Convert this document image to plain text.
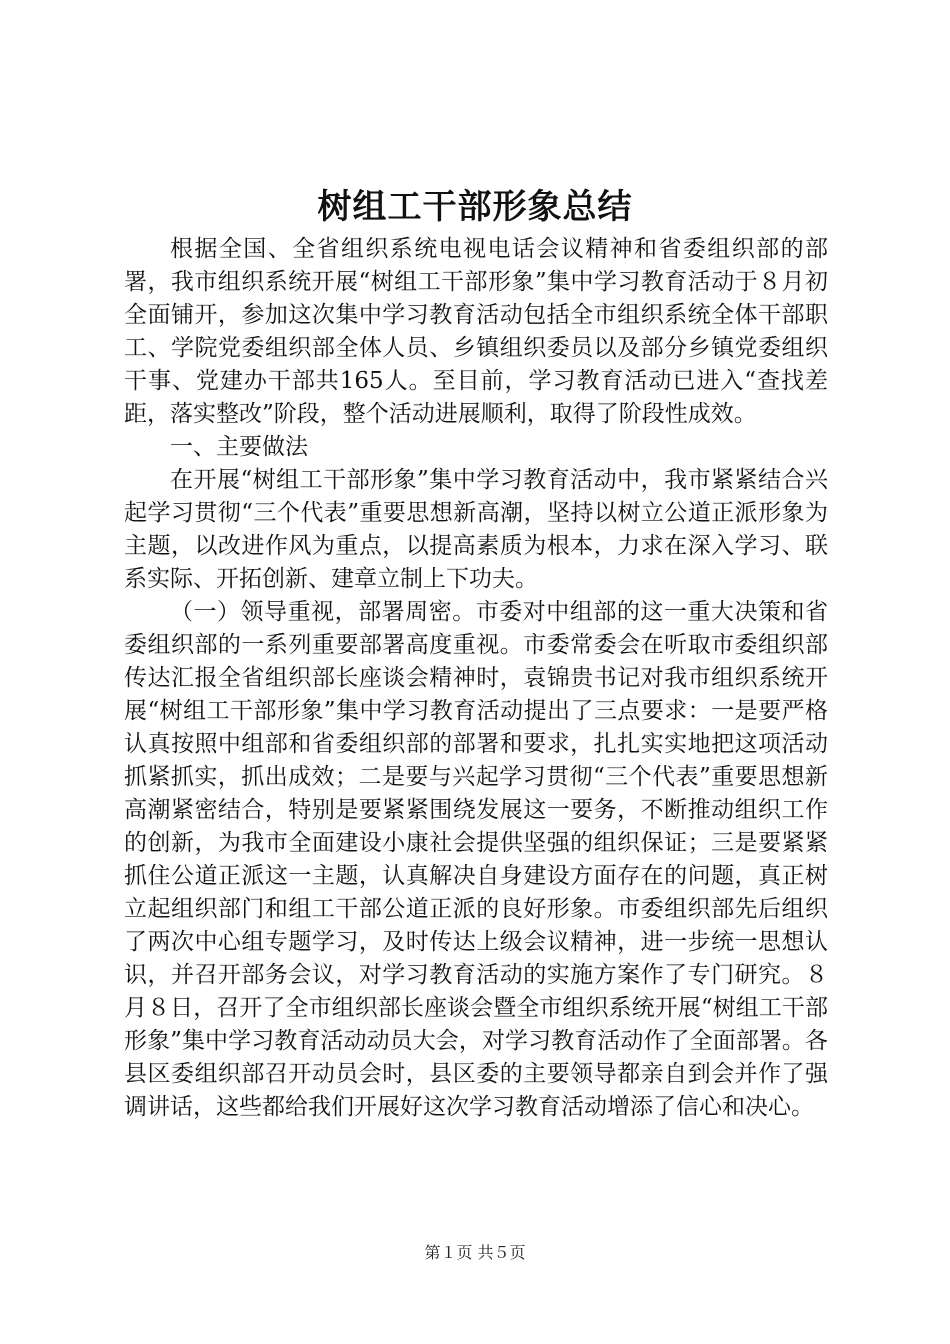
树组工干部形象总结

根据全国、全省组织系统电视电话会议精神和省委组织部的部署，我市组织系统开展“树组工干部形象”集中学习教育活动于８月初全面铺开，参加这次集中学习教育活动包括全市组织系统全体干部职工、学院党委组织部全体人员、乡镇组织委员以及部分乡镇党委组织干事、党建办干部共165人。至目前，学习教育活动已进入“查找差距，落实整改”阶段，整个活动进展顺利，取得了阶段性成效。

一、主要做法

在开展“树组工干部形象”集中学习教育活动中，我市紧紧结合兴起学习贯彻“三个代表”重要思想新高潮，坚持以树立公道正派形象为主题，以改进作风为重点，以提高素质为根本，力求在深入学习、联系实际、开拓创新、建章立制上下功夫。

（一）领导重视，部署周密。市委对中组部的这一重大决策和省委组织部的一系列重要部署高度重视。市委常委会在听取市委组织部传达汇报全省组织部长座谈会精神时，袁锦贵书记对我市组织系统开展“树组工干部形象”集中学习教育活动提出了三点要求：一是要严格认真按照中组部和省委组织部的部署和要求，扎扎实实地把这项活动抓紧抓实，抓出成效；二是要与兴起学习贯彻“三个代表”重要思想新高潮紧密结合，特别是要紧紧围绕发展这一要务，不断推动组织工作的创新，为我市全面建设小康社会提供坚强的组织保证；三是要紧紧抓住公道正派这一主题，认真解决自身建设方面存在的问题，真正树立起组织部门和组工干部公道正派的良好形象。市委组织部先后组织了两次中心组专题学习，及时传达上级会议精神，进一步统一思想认识，并召开部务会议，对学习教育活动的实施方案作了专门研究。８月８日，召开了全市组织部长座谈会暨全市组织系统开展“树组工干部形象”集中学习教育活动动员大会，对学习教育活动作了全面部署。各县区委组织部召开动员会时，县区委的主要领导都亲自到会并作了强调讲话，这些都给我们开展好这次学习教育活动增添了信心和决心。

第１页 共５页
